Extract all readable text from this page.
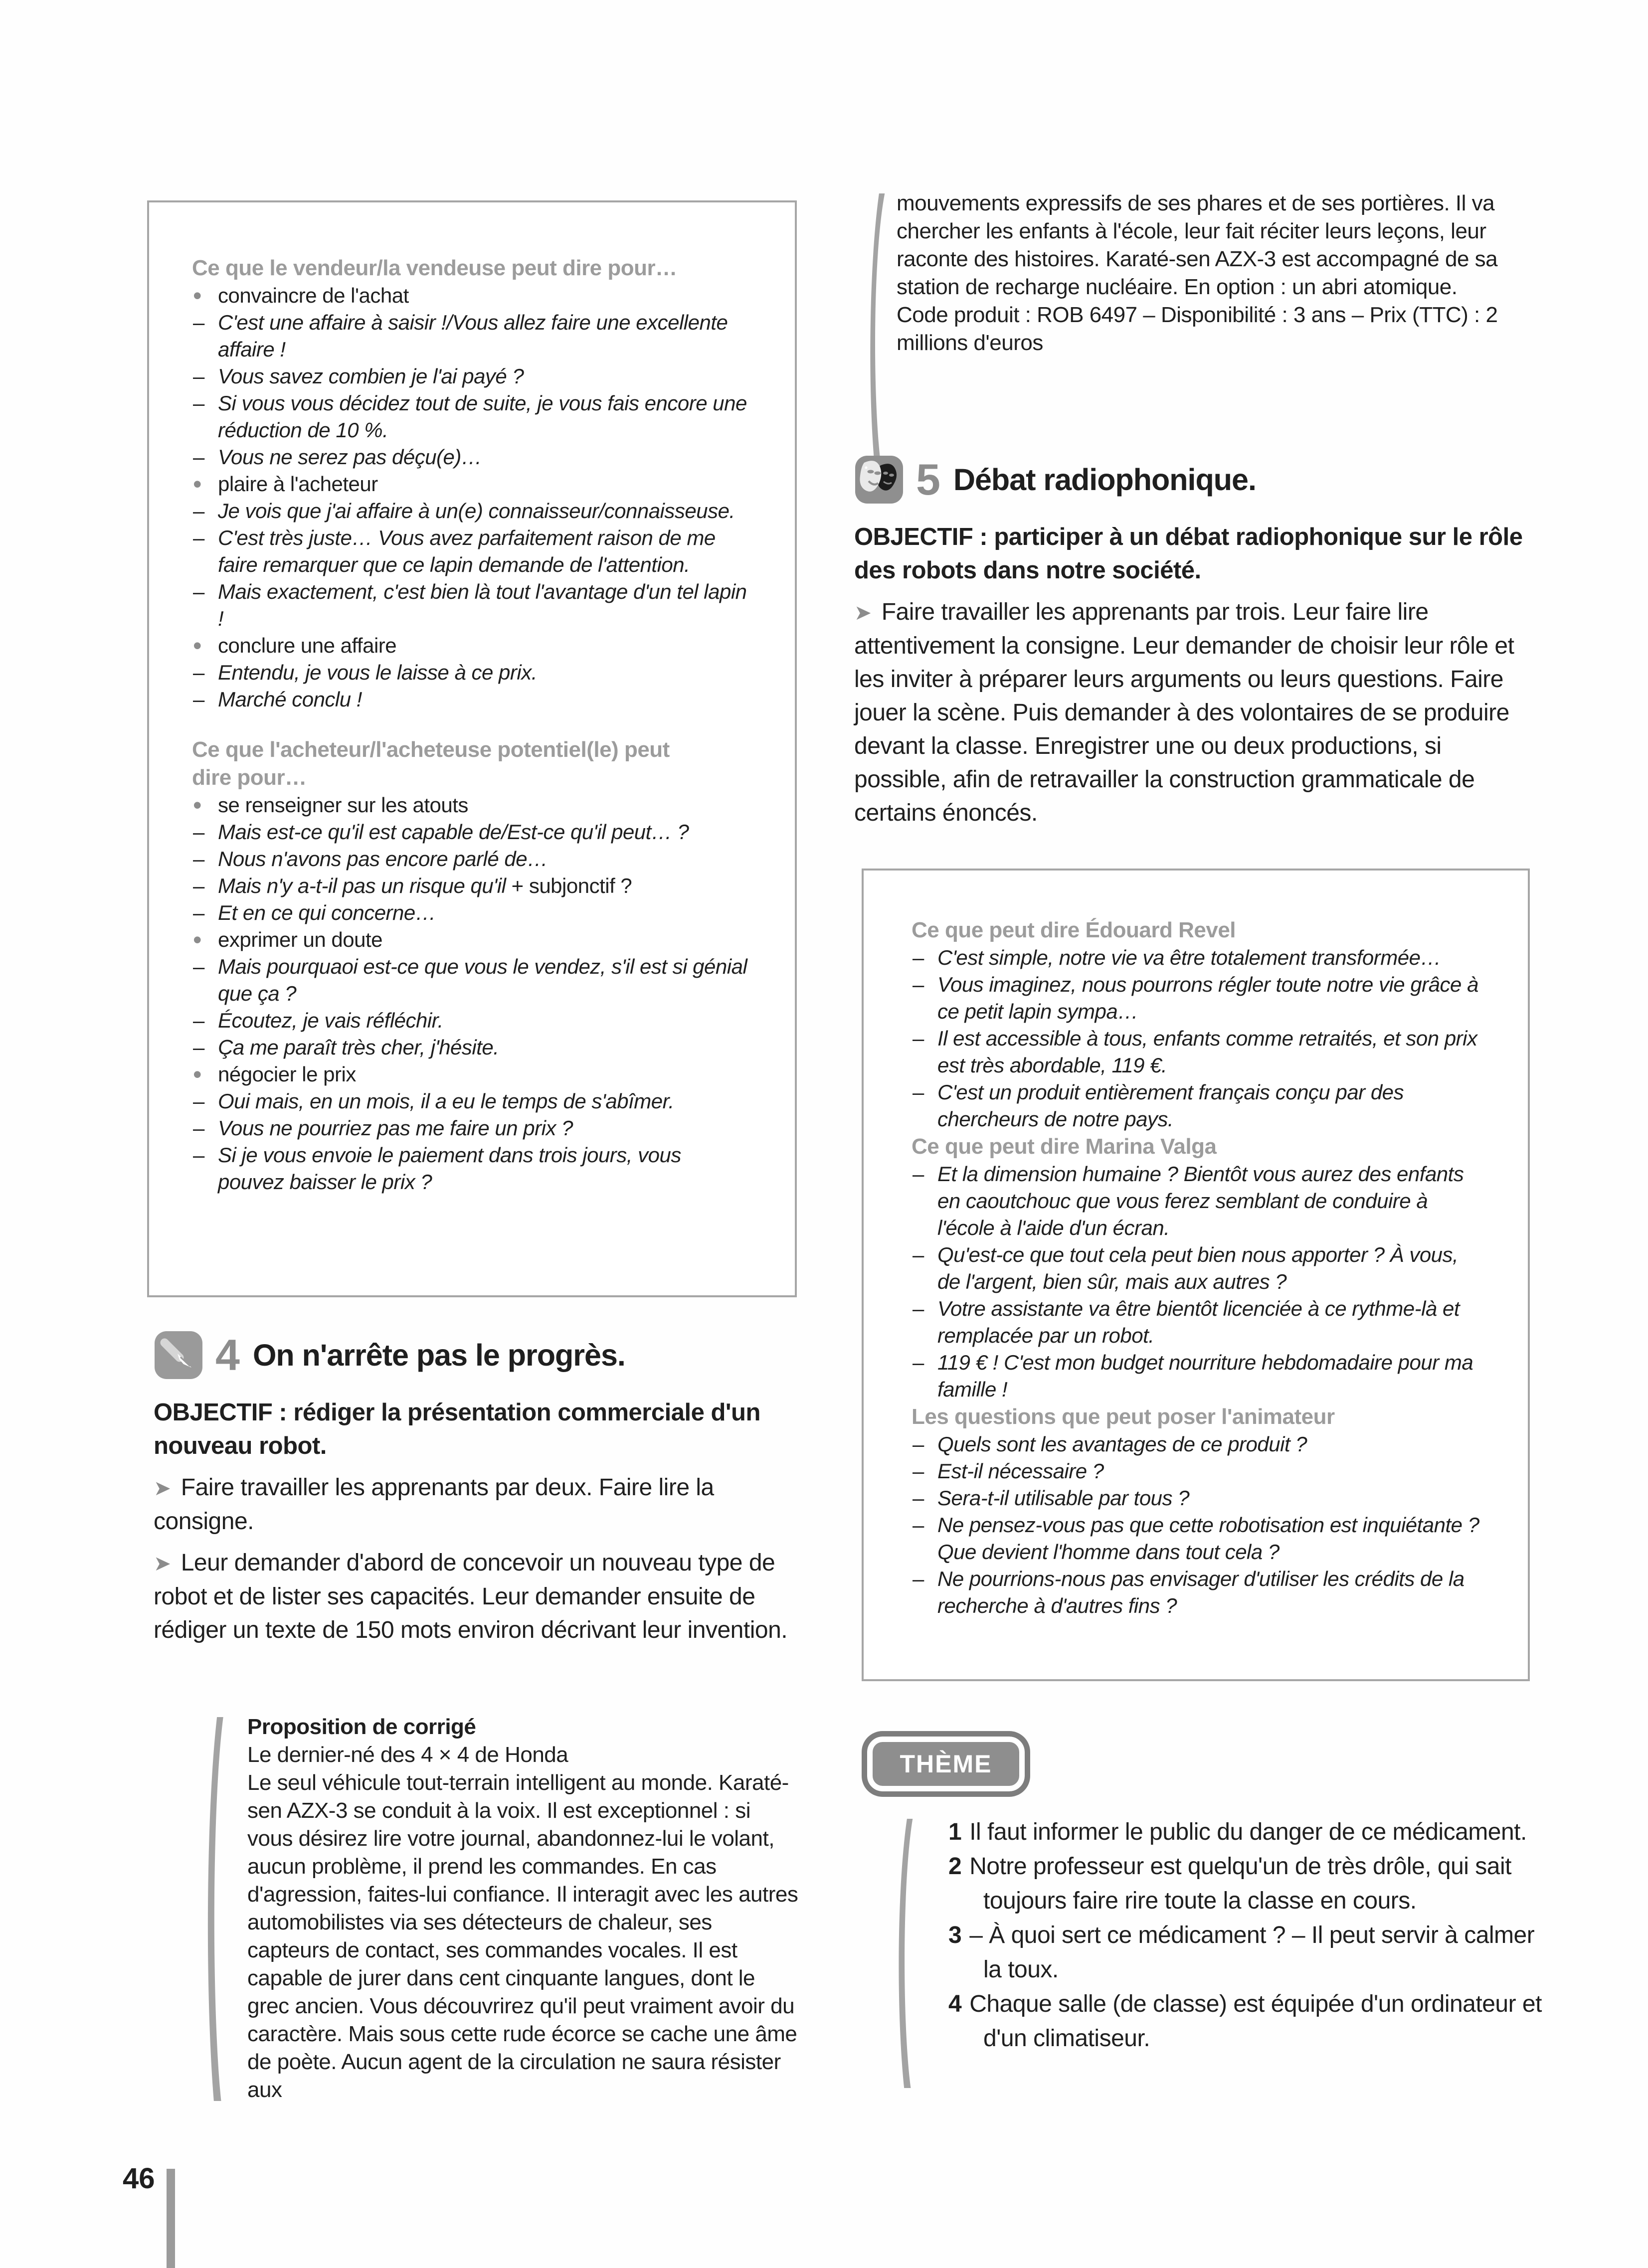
Ce que le vendeur/la vendeuse peut dire pour…
•
convaincre de l'achat
–
C'est une affaire à saisir !/Vous allez faire une excellente affaire !
–
Vous savez combien je l'ai payé ?
–
Si vous vous décidez tout de suite, je vous fais encore une réduction de 10 %.
–
Vous ne serez pas déçu(e)…
•
plaire à l'acheteur
–
Je vois que j'ai affaire à un(e) connaisseur/connaisseuse.
–
C'est très juste… Vous avez parfaitement raison de me faire remarquer que ce lapin demande de l'attention.
–
Mais exactement, c'est bien là tout l'avantage d'un tel lapin !
•
conclure une affaire
–
Entendu, je vous le laisse à ce prix.
–
Marché conclu !
Ce que l'acheteur/l'acheteuse potentiel(le) peut dire pour…
•
se renseigner sur les atouts
–
Mais est-ce qu'il est capable de/Est-ce qu'il peut… ?
–
Nous n'avons pas encore parlé de…
–
Mais n'y a-t-il pas un risque qu'il + subjonctif ?
–
Et en ce qui concerne…
•
exprimer un doute
–
Mais pourquaoi est-ce que vous le vendez, s'il est si génial que ça ?
–
Écoutez, je vais réfléchir.
–
Ça me paraît très cher, j'hésite.
•
négocier le prix
–
Oui mais, en un mois, il a eu le temps de s'abîmer.
–
Vous ne pourriez pas me faire un prix ?
–
Si je vous envoie le paiement dans trois jours, vous pouvez baisser le prix ?
4 On n'arrête pas le progrès.
OBJECTIF : rédiger la présentation commerciale d'un nouveau robot.

➤ Faire travailler les apprenants par deux. Faire lire la consigne.

➤ Leur demander d'abord de concevoir un nouveau type de robot et de lister ses capacités. Leur demander ensuite de rédiger un texte de 150 mots environ décrivant leur invention.

Proposition de corrigé
Le dernier-né des 4 × 4 de Honda
Le seul véhicule tout-terrain intelligent au monde. Karaté-sen AZX-3 se conduit à la voix. Il est exceptionnel : si vous désirez lire votre journal, abandonnez-lui le volant, aucun problème, il prend les commandes. En cas d'agression, faites-lui confiance. Il interagit avec les autres automobilistes via ses détecteurs de chaleur, ses capteurs de contact, ses commandes vocales. Il est capable de jurer dans cent cinquante langues, dont le grec ancien. Vous découvrirez qu'il peut vraiment avoir du caractère. Mais sous cette rude écorce se cache une âme de poète. Aucun agent de la circulation ne saura résister aux
mouvements expressifs de ses phares et de ses portières. Il va chercher les enfants à l'école, leur fait réciter leurs leçons, leur raconte des histoires. Karaté-sen AZX-3 est accompagné de sa station de recharge nucléaire. En option : un abri atomique.
Code produit : ROB 6497 – Disponibilité : 3 ans – Prix (TTC) : 2 millions d'euros
5 Débat radiophonique.
OBJECTIF : participer à un débat radiophonique sur le rôle des robots dans notre société.

➤ Faire travailler les apprenants par trois. Leur faire lire attentivement la consigne. Leur demander de choisir leur rôle et les inviter à préparer leurs arguments ou leurs questions. Faire jouer la scène. Puis demander à des volontaires de se produire devant la classe. Enregistrer une ou deux productions, si possible, afin de retravailler la construction grammaticale de certains énoncés.

Ce que peut dire Édouard Revel
–
C'est simple, notre vie va être totalement transformée…
–
Vous imaginez, nous pourrons régler toute notre vie grâce à ce petit lapin sympa…
–
Il est accessible à tous, enfants comme retraités, et son prix est très abordable, 119 €.
–
C'est un produit entièrement français conçu par des chercheurs de notre pays.
Ce que peut dire Marina Valga
–
Et la dimension humaine ? Bientôt vous aurez des enfants en caoutchouc que vous ferez semblant de conduire à l'école à l'aide d'un écran.
–
Qu'est-ce que tout cela peut bien nous apporter ? À vous, de l'argent, bien sûr, mais aux autres ?
–
Votre assistante va être bientôt licenciée à ce rythme-là et remplacée par un robot.
–
119 € ! C'est mon budget nourriture hebdomadaire pour ma famille !
Les questions que peut poser l'animateur
–
Quels sont les avantages de ce produit ?
–
Est-il nécessaire ?
–
Sera-t-il utilisable par tous ?
–
Ne pensez-vous pas que cette robotisation est inquiétante ? Que devient l'homme dans tout cela ?
–
Ne pourrions-nous pas envisager d'utiliser les crédits de la recherche à d'autres fins ?
THÈME
1 Il faut informer le public du danger de ce médicament.
2 Notre professeur est quelqu'un de très drôle, qui sait toujours faire rire toute la classe en cours.
3 – À quoi sert ce médicament ? – Il peut servir à calmer la toux.
4 Chaque salle (de classe) est équipée d'un ordinateur et d'un climatiseur.
46
